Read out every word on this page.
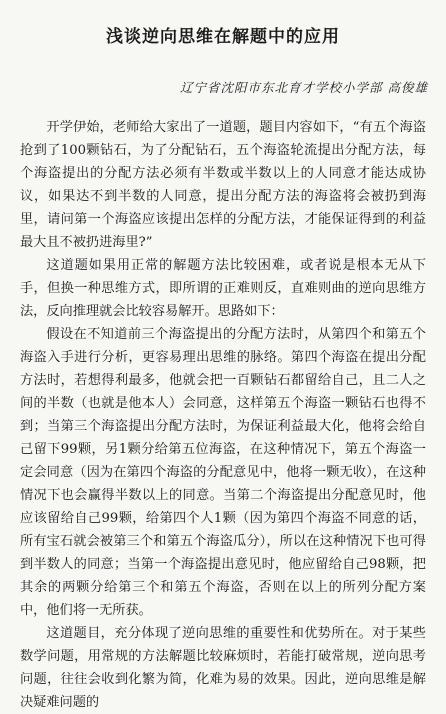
浅谈逆向思维在解题中的应用
辽宁省沈阳市东北育才学校小学部 高俊雄

开学伊始，老师给大家出了一道题，题目内容如下，“有五个海盗抢到了100颗钻石，为了分配钻石，五个海盗轮流提出分配方法，每个海盗提出的分配方法必须有半数或半数以上的人同意才能达成协议，如果达不到半数的人同意，提出分配方法的海盗将会被扔到海里，请问第一个海盗应该提出怎样的分配方法，才能保证得到的利益最大且不被扔进海里?”

这道题如果用正常的解题方法比较困难，或者说是根本无从下手，但换一种思维方式，即所谓的正难则反，直难则曲的逆向思维方法，反向推理就会比较容易解开。思路如下：

假设在不知道前三个海盗提出的分配方法时，从第四个和第五个海盗入手进行分析，更容易理出思维的脉络。第四个海盗在提出分配方法时，若想得利最多，他就会把一百颗钻石都留给自己，且二人之间的半数（也就是他本人）会同意，这样第五个海盗一颗钻石也得不到；当第三个海盗提出分配方法时，为保证利益最大化，他将会给自己留下99颗，另1颗分给第五位海盗，在这种情况下，第五个海盗一定会同意（因为在第四个海盗的分配意见中，他将一颗无收），在这种情况下也会赢得半数以上的同意。当第二个海盗提出分配意见时，他应该留给自己99颗，给第四个人1颗（因为第四个海盗不同意的话，所有宝石就会被第三个和第五个海盗瓜分），所以在这种情况下也可得到半数人的同意；当第一个海盗提出意见时，他应留给自己98颗，把其余的两颗分给第三个和第五个海盗，否则在以上的所列分配方案中，他们将一无所获。

这道题目，充分体现了逆向思维的重要性和优势所在。对于某些数学问题，用常规的方法解题比较麻烦时，若能打破常规，逆向思考问题，往往会收到化繁为简，化难为易的效果。因此，逆向思维是解决疑难问题的
